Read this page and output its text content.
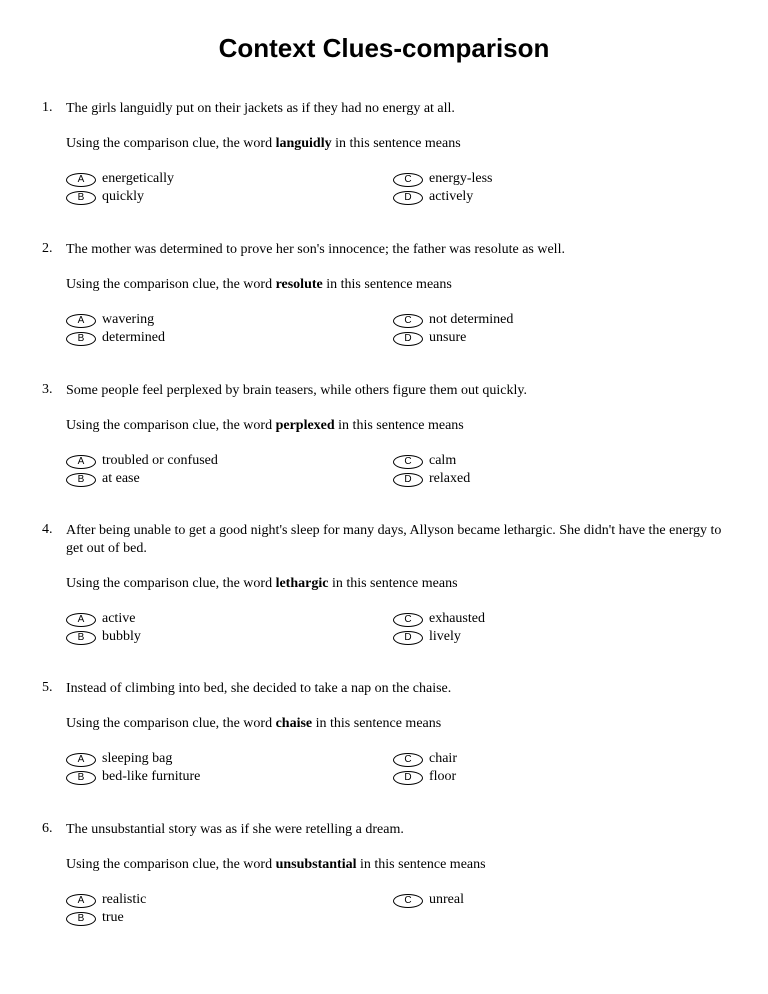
Context Clues-comparison
1. The girls languidly put on their jackets as if they had no energy at all.
Using the comparison clue, the word languidly in this sentence means
A	energetically
B	quickly
C	energy-less
D	actively
2. The mother was determined to prove her son's innocence; the father was resolute as well.
Using the comparison clue, the word resolute in this sentence means
A	wavering
B	determined
C	not determined
D	unsure
3. Some people feel perplexed by brain teasers, while others figure them out quickly.
Using the comparison clue, the word perplexed in this sentence means
A	troubled or confused
B	at ease
C	calm
D	relaxed
4. After being unable to get a good night's sleep for many days, Allyson became lethargic. She didn't have the energy to get out of bed.
Using the comparison clue, the word lethargic in this sentence means
A	active
B	bubbly
C	exhausted
D	lively
5. Instead of climbing into bed, she decided to take a nap on the chaise.
Using the comparison clue, the word chaise in this sentence means
A	sleeping bag
B	bed-like furniture
C	chair
D	floor
6. The unsubstantial story was as if she were retelling a dream.
Using the comparison clue, the word unsubstantial in this sentence means
A	realistic
B	true
C	unreal
